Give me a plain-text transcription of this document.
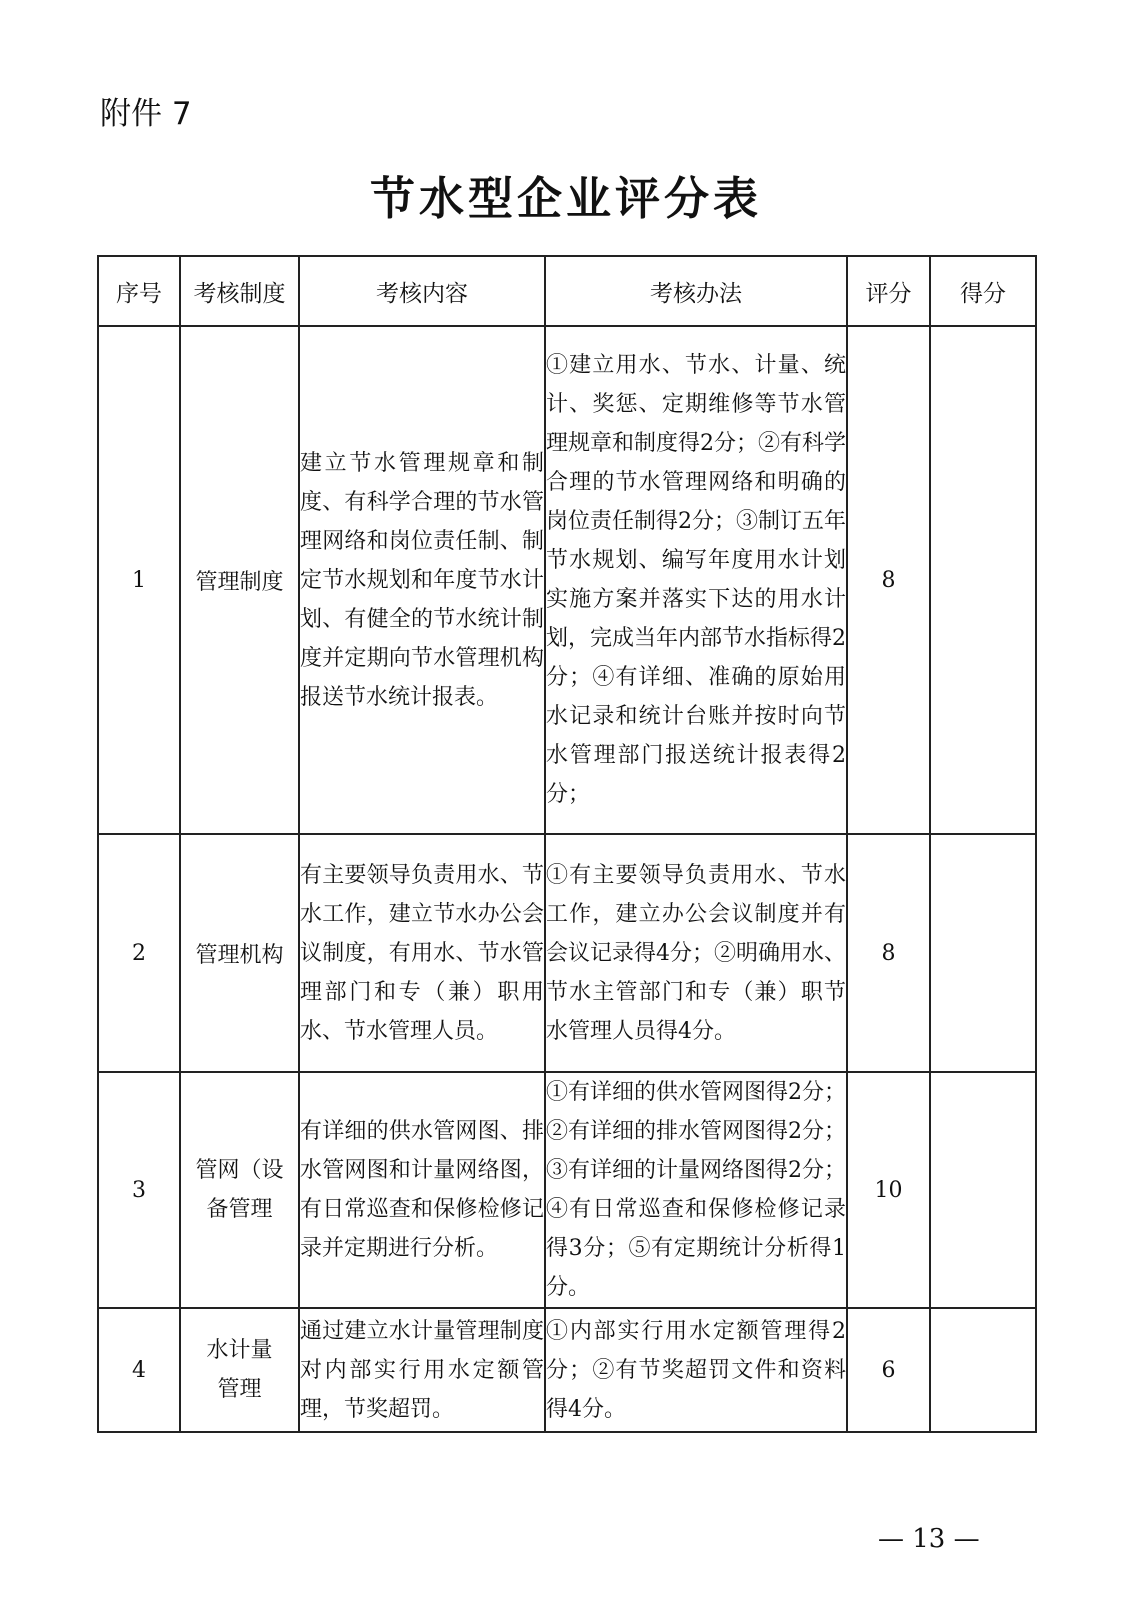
附件 7
节水型企业评分表
序号	考核制度	考核内容	考核办法	评分	得分
1	管理制度	建立节水管理规章和制度、有科学合理的节水管理网络和岗位责任制、制定节水规划和年度节水计划、有健全的节水统计制度并定期向节水管理机构报送节水统计报表。	①建立用水、节水、计量、统计、奖惩、定期维修等节水管理规章和制度得2分；②有科学合理的节水管理网络和明确的岗位责任制得2分；③制订五年节水规划、编写年度用水计划实施方案并落实下达的用水计划，完成当年内部节水指标得2分；④有详细、准确的原始用水记录和统计台账并按时向节水管理部门报送统计报表得2分；	8	
2	管理机构	有主要领导负责用水、节水工作，建立节水办公会议制度，有用水、节水管理部门和专（兼）职用水、节水管理人员。	①有主要领导负责用水、节水工作，建立办公会议制度并有会议记录得4分；②明确用水、节水主管部门和专（兼）职节水管理人员得4分。	8	
3	管网（设备管理	有详细的供水管网图、排水管网图和计量网络图，有日常巡查和保修检修记录并定期进行分析。	①有详细的供水管网图得2分；②有详细的排水管网图得2分；③有详细的计量网络图得2分；④有日常巡查和保修检修记录得3分；⑤有定期统计分析得1分。	10	
4	水计量管理	通过建立水计量管理制度对内部实行用水定额管理，节奖超罚。	①内部实行用水定额管理得2分；②有节奖超罚文件和资料得4分。	6	
— 13 —
